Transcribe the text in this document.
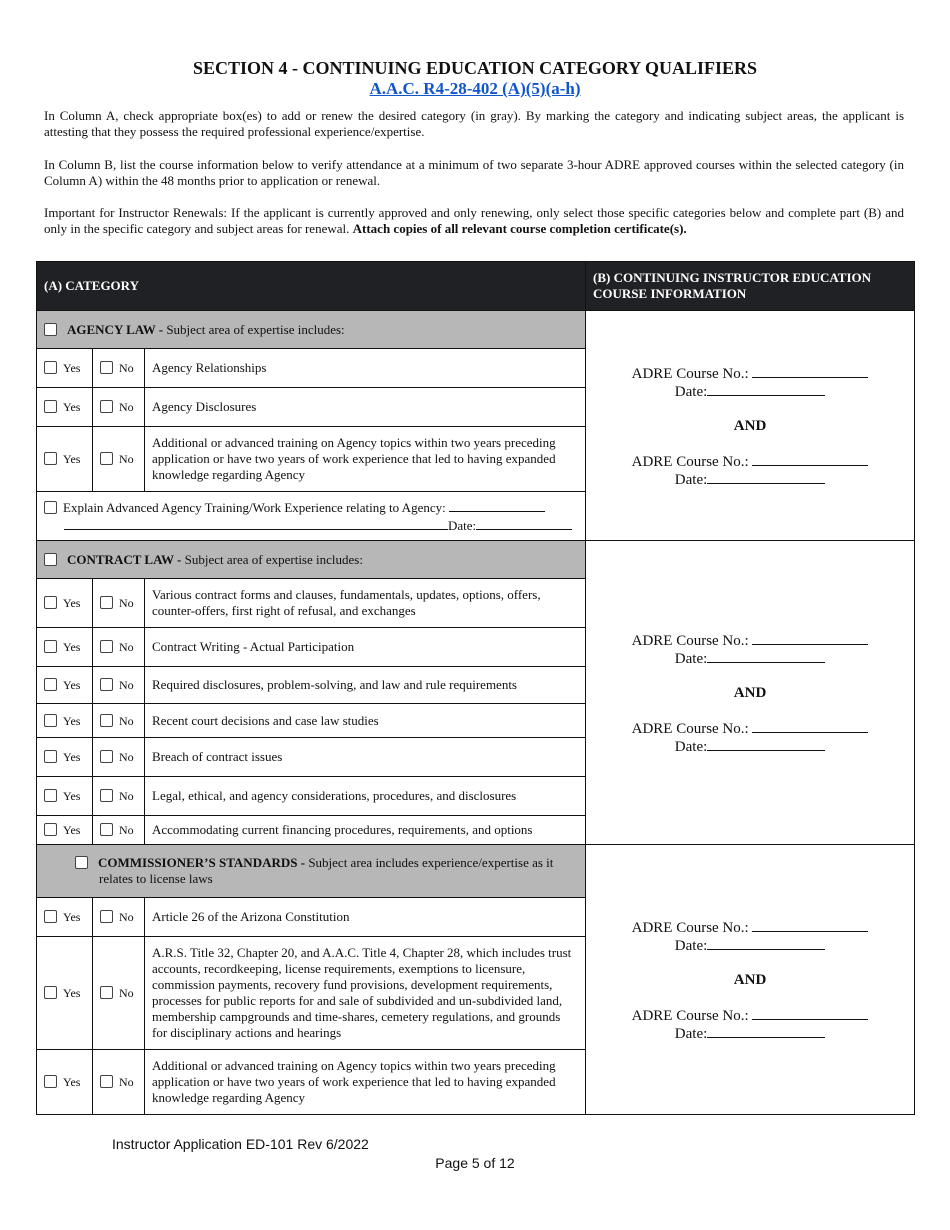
SECTION 4 - CONTINUING EDUCATION CATEGORY QUALIFIERS
A.A.C. R4-28-402 (A)(5)(a-h)

In Column A, check appropriate box(es) to add or renew the desired category (in gray). By marking the category and indicating subject areas, the applicant is attesting that they possess the required professional experience/expertise.

In Column B, list the course information below to verify attendance at a minimum of two separate 3-hour ADRE approved courses within the selected category (in Column A) within the 48 months prior to application or renewal.

Important for Instructor Renewals: If the applicant is currently approved and only renewing, only select those specific categories below and complete part (B) and only in the specific category and subject areas for renewal. Attach copies of all relevant course completion certificate(s).

(A) CATEGORY			(B) CONTINUING INSTRUCTOR EDUCATION COURSE INFORMATION
AGENCY LAW - Subject area of expertise includes:			ADRE Course No.:
Date:
AND
ADRE Course No.:
Date:

Yes	No	Agency Relationships	
Yes	No	Agency Disclosures	
Yes	No	Additional or advanced training on Agency topics within two years preceding application or have two years of work experience that led to having expanded knowledge regarding Agency	

Explain Advanced Agency Training/Work Experience relating to Agency:
Date:			

CONTRACT LAW - Subject area of expertise includes:			ADRE Course No.:
Date:
AND
ADRE Course No.:
Date:

Yes	No	Various contract forms and clauses, fundamentals, updates, options, offers, counter-offers, first right of refusal, and exchanges	
Yes	No	Contract Writing - Actual Participation	
Yes	No	Required disclosures, problem-solving, and law and rule requirements	
Yes	No	Recent court decisions and case law studies	
Yes	No	Breach of contract issues	
Yes	No	Legal, ethical, and agency considerations, procedures, and disclosures	
Yes	No	Accommodating current financing procedures, requirements, and options	

COMMISSIONER’S STANDARDS - Subject area includes experience/expertise as it relates to license laws			ADRE Course No.:
Date:
AND
ADRE Course No.:
Date:

Yes	No	Article 26 of the Arizona Constitution	
Yes	No	A.R.S. Title 32, Chapter 20, and A.A.C. Title 4, Chapter 28, which includes trust accounts, recordkeeping, license requirements, exemptions to licensure, commission payments, recovery fund provisions, development requirements, processes for public reports for and sale of subdivided and un-subdivided land, membership campgrounds and time-shares, cemetery regulations, and grounds for disciplinary actions and hearings	
Yes	No	Additional or advanced training on Agency topics within two years preceding application or have two years of work experience that led to having expanded knowledge regarding Agency	
Instructor Application ED-101 Rev 6/2022
Page 5 of 12
